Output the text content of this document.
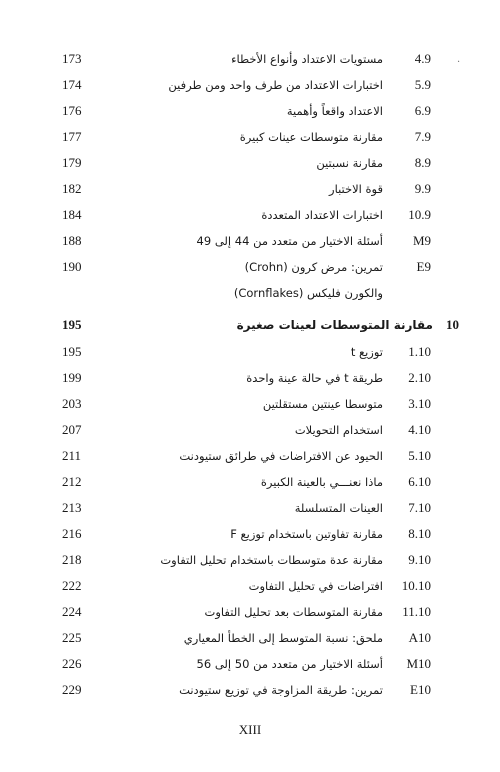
·
4.9
مستويات الاعتداد وأنواع الأخطاء
173
5.9
اختبارات الاعتداد من طرف واحد ومن طرفين
174
6.9
الاعتداد واقعاً وأهمية
176
7.9
مقارنة متوسطات عينات كبيرة
177
8.9
مقارنة نسبتين
179
9.9
قوة الاختبار
182
10.9
اختبارات الاعتداد المتعددة
184
M9
أسئلة الاختيار من متعدد من 44 إلى 49
188
E9
تمرين: مرض كرون (Crohn)
190
والكورن فليكس (Cornflakes)
10
مقارنة المتوسطات لعينات صغيرة
195
1.10
توزيع t
195
2.10
طريقة t في حالة عينة واحدة
199
3.10
متوسطا عينتين مستقلتين
203
4.10
استخدام التحويلات
207
5.10
الحيود عن الافتراضات في طرائق ستيودنت
211
6.10
ماذا نعنـــي بالعينة الكبيرة
212
7.10
العينات المتسلسلة
213
8.10
مقارنة تفاوتين باستخدام توزيع F
216
9.10
مقارنة عدة متوسطات باستخدام تحليل التفاوت
218
10.10
افتراضات في تحليل التفاوت
222
11.10
مقارنة المتوسطات بعد تحليل التفاوت
224
A10
ملحق: نسبة المتوسط إلى الخطأ المعياري
225
M10
أسئلة الاختيار من متعدد من 50 إلى 56
226
E10
تمرين: طريقة المزاوجة في توزيع ستيودنت
229
XIII
